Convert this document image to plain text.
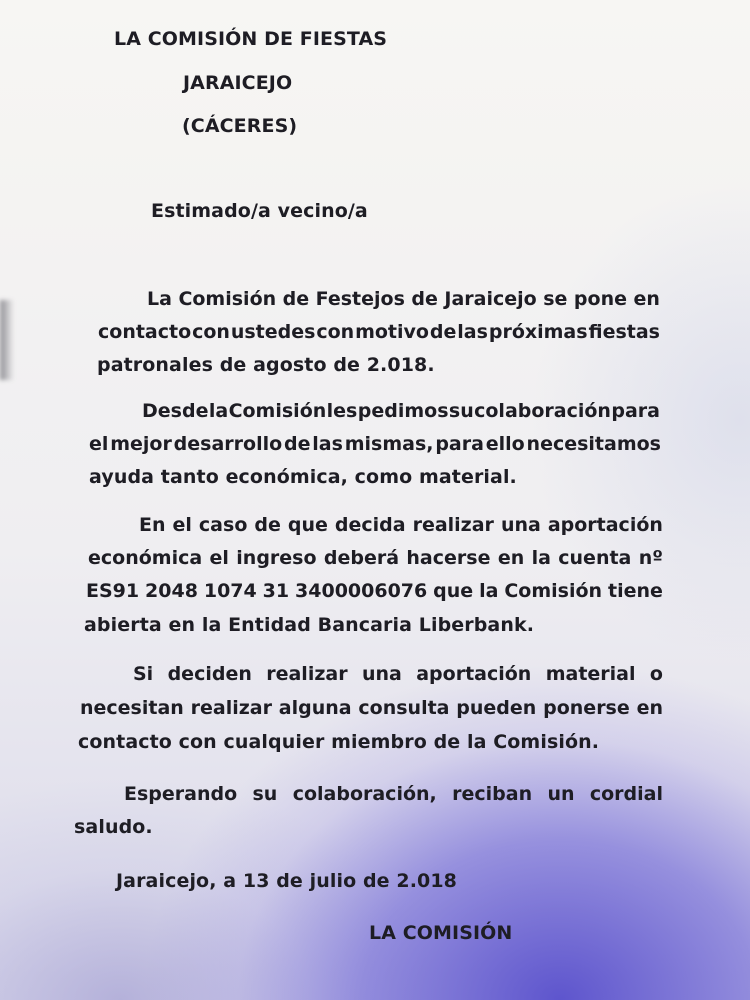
LA COMISIÓN DE FIESTAS
JARAICEJO
(CÁCERES)
Estimado/a vecino/a
La Comisión de Festejos de Jaraicejo se pone en
contacto con ustedes con motivo de las próximas fiestas
patronales de agosto de 2.018.
Desde la Comisión les pedimos su colaboración para
el mejor desarrollo de las mismas, para ello necesitamos
ayuda tanto económica, como material.
En el caso de que decida realizar una aportación
económica el ingreso deberá hacerse en la cuenta nº
ES91 2048 1074 31 3400006076 que la Comisión tiene
abierta en la Entidad Bancaria Liberbank.
Si deciden realizar una aportación material o
necesitan realizar alguna consulta pueden ponerse en
contacto con cualquier miembro de la Comisión.
Esperando su colaboración, reciban un cordial
saludo.
Jaraicejo, a 13 de julio de 2.018
LA COMISIÓN
